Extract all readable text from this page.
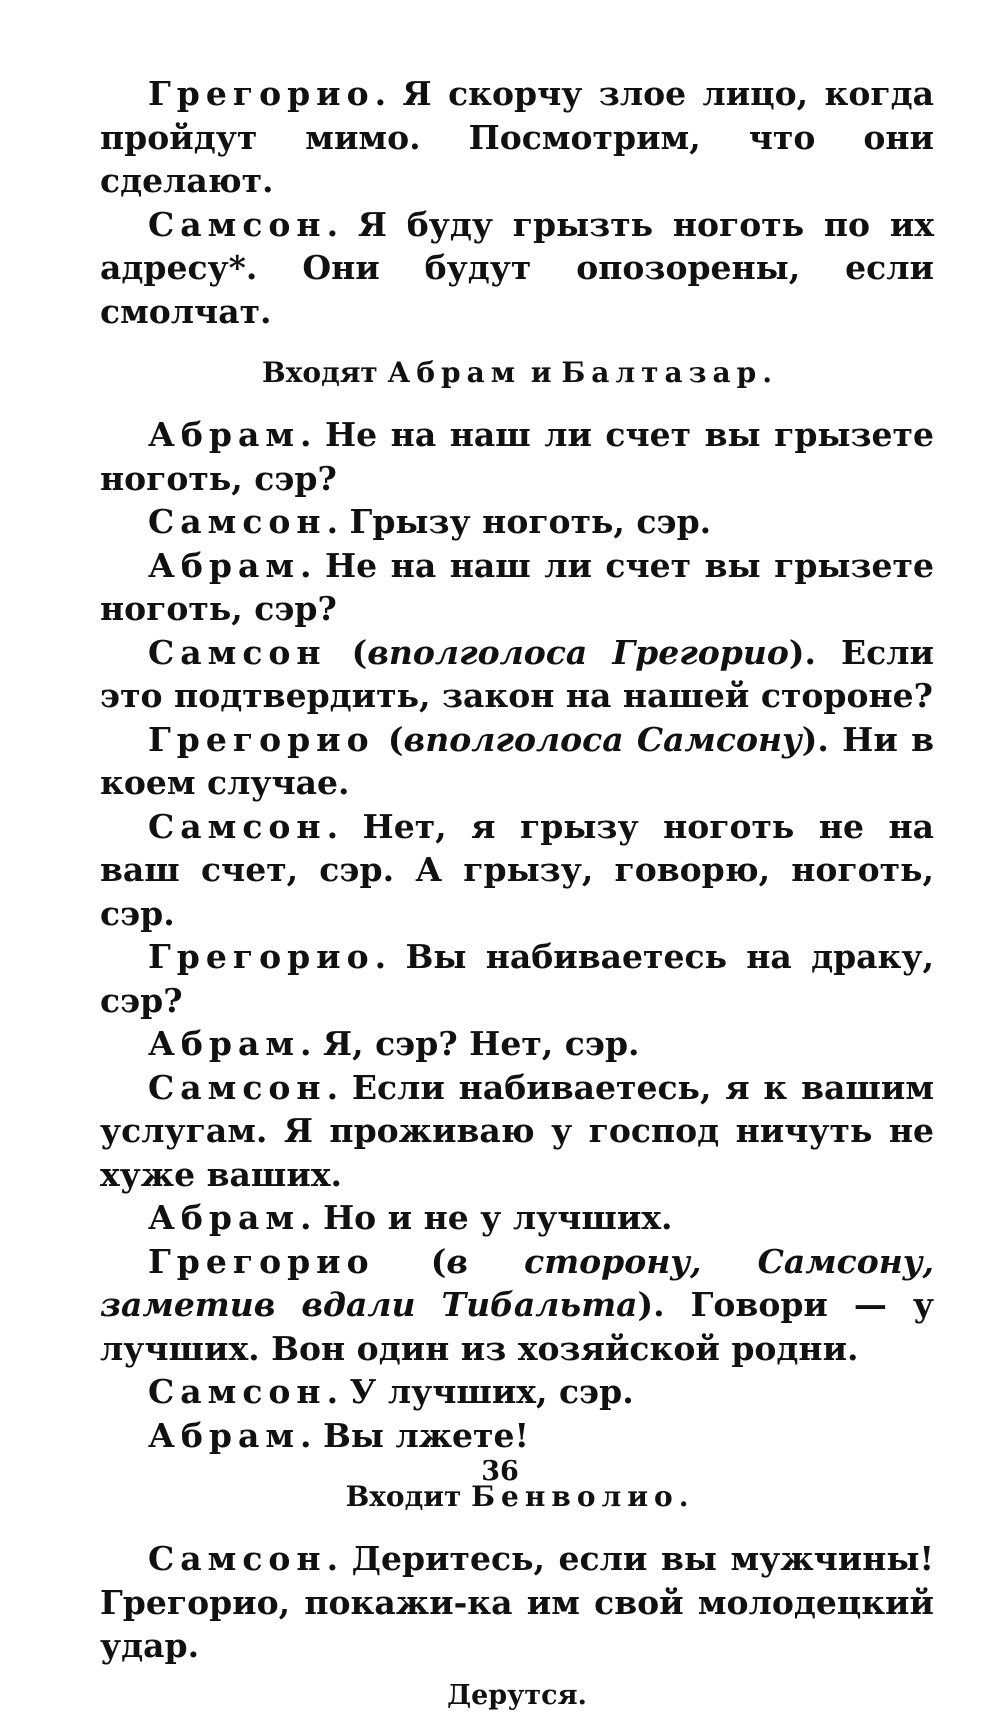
Грегорио. Я скорчу злое лицо, когда пройдут мимо. Посмотрим, что они сделают.

Самсон. Я буду грызть ноготь по их адресу*. Они будут опозорены, если смолчат.

Входят Абрам и Балтазар.

Абрам. Не на наш ли счет вы грызете ноготь, сэр?

Самсон. Грызу ноготь, сэр.

Абрам. Не на наш ли счет вы грызете ноготь, сэр?

Самсон (вполголоса Грегорио). Если это подтвердить, закон на нашей стороне?

Грегорио (вполголоса Самсону). Ни в коем случае.

Самсон. Нет, я грызу ноготь не на ваш счет, сэр. А грызу, говорю, ноготь, сэр.

Грегорио. Вы набиваетесь на драку, сэр?

Абрам. Я, сэр? Нет, сэр.

Самсон. Если набиваетесь, я к вашим услугам. Я проживаю у господ ничуть не хуже ваших.

Абрам. Но и не у лучших.

Грегорио (в сторону, Самсону, заметив вдали Тибальта). Говори — у лучших. Вон один из хозяйской родни.

Самсон. У лучших, сэр.

Абрам. Вы лжете!

Входит Бенволио.

Самсон. Деритесь, если вы мужчины! Грегорио, покажи-ка им свой молодецкий удар.

Дерутся.
36
